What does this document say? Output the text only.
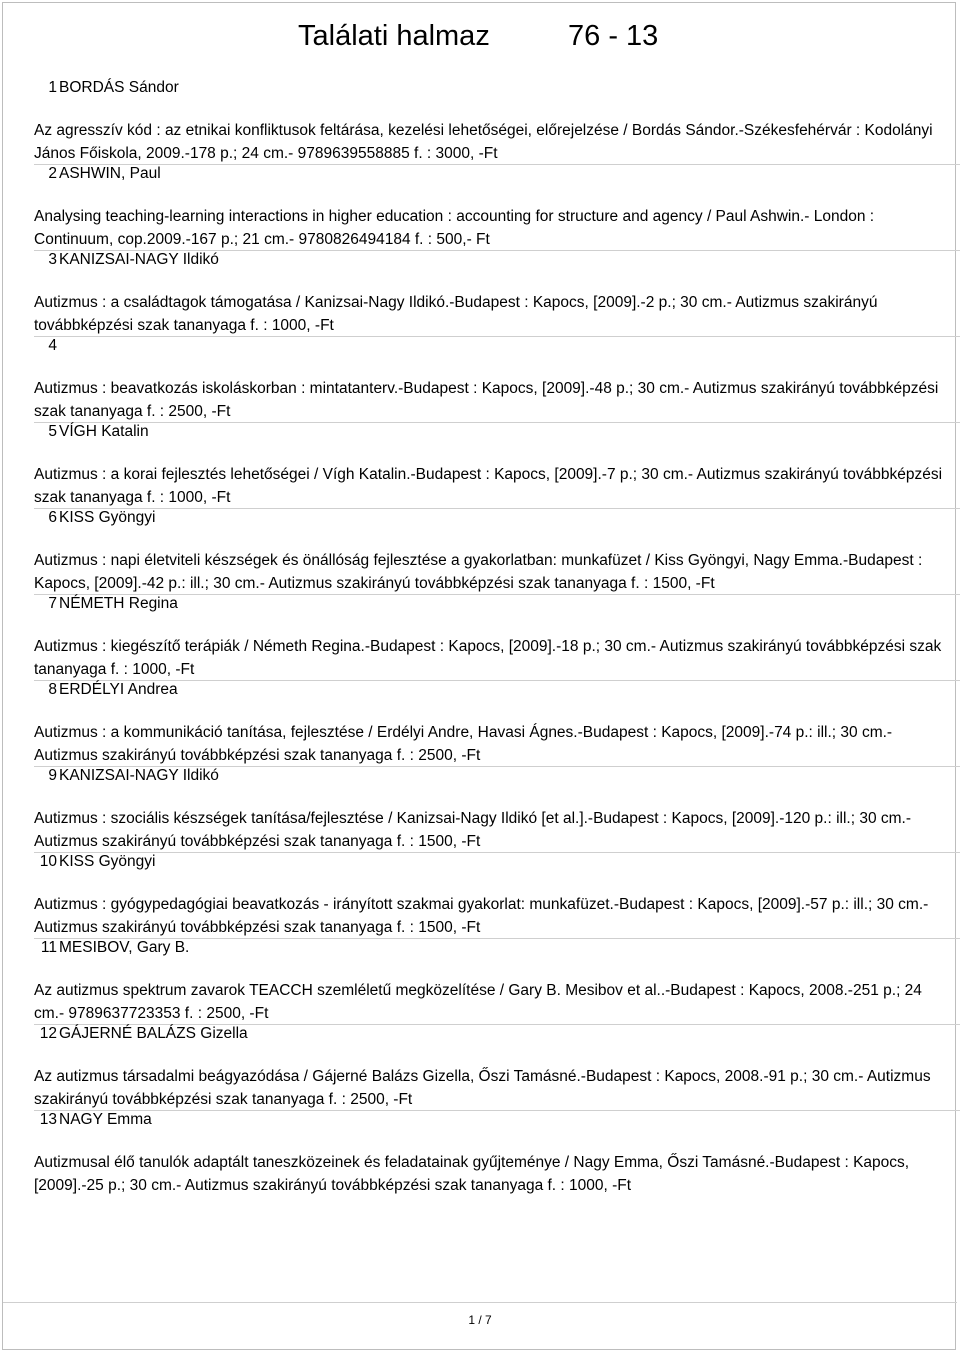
Találati halmaz	76 - 13
1 BORDÁS Sándor
Az agresszív kód : az etnikai konfliktusok feltárása, kezelési lehetőségei, előrejelzése / Bordás Sándor.-Székesfehérvár : Kodolányi János Főiskola, 2009.-178 p.; 24 cm.- 9789639558885 f. : 3000, -Ft
2 ASHWIN, Paul
Analysing teaching-learning interactions in higher education : accounting for structure and agency / Paul Ashwin.- London : Continuum, cop.2009.-167 p.; 21 cm.- 9780826494184 f. : 500,- Ft
3 KANIZSAI-NAGY Ildikó
Autizmus : a családtagok támogatása / Kanizsai-Nagy Ildikó.-Budapest : Kapocs, [2009].-2 p.; 30 cm.- Autizmus szakirányú továbbképzési szak tananyaga f. : 1000, -Ft
4
Autizmus : beavatkozás iskoláskorban : mintatanterv.-Budapest : Kapocs, [2009].-48 p.; 30 cm.- Autizmus szakirányú továbbképzési szak tananyaga f. : 2500, -Ft
5 VÍGH Katalin
Autizmus : a korai fejlesztés lehetőségei / Vígh Katalin.-Budapest : Kapocs, [2009].-7 p.; 30 cm.- Autizmus szakirányú továbbképzési szak tananyaga f. : 1000, -Ft
6 KISS Gyöngyi
Autizmus : napi életviteli készségek és önállóság fejlesztése a gyakorlatban: munkafüzet / Kiss Gyöngyi, Nagy Emma.-Budapest : Kapocs, [2009].-42 p.: ill.; 30 cm.- Autizmus szakirányú továbbképzési szak tananyaga f. : 1500, -Ft
7 NÉMETH Regina
Autizmus : kiegészítő terápiák / Németh Regina.-Budapest : Kapocs, [2009].-18 p.; 30 cm.- Autizmus szakirányú továbbképzési szak tananyaga f. : 1000, -Ft
8 ERDÉLYI Andrea
Autizmus : a kommunikáció tanítása, fejlesztése / Erdélyi Andre, Havasi Ágnes.-Budapest : Kapocs, [2009].-74 p.: ill.; 30 cm.- Autizmus szakirányú továbbképzési szak tananyaga f. : 2500, -Ft
9 KANIZSAI-NAGY Ildikó
Autizmus : szociális készségek tanítása/fejlesztése / Kanizsai-Nagy Ildikó [et al.].-Budapest : Kapocs, [2009].-120 p.: ill.; 30 cm.- Autizmus szakirányú továbbképzési szak tananyaga f. : 1500, -Ft
10 KISS Gyöngyi
Autizmus : gyógypedagógiai beavatkozás - irányított szakmai gyakorlat: munkafüzet.-Budapest : Kapocs, [2009].-57 p.: ill.; 30 cm.- Autizmus szakirányú továbbképzési szak tananyaga f. : 1500, -Ft
11 MESIBOV, Gary B.
Az autizmus spektrum zavarok TEACCH szemléletű megközelítése / Gary B. Mesibov et al..-Budapest : Kapocs, 2008.-251 p.; 24 cm.- 9789637723353 f. : 2500, -Ft
12 GÁJERNÉ BALÁZS Gizella
Az autizmus társadalmi beágyazódása / Gájerné Balázs Gizella, Őszi Tamásné.-Budapest : Kapocs, 2008.-91 p.; 30 cm.- Autizmus szakirányú továbbképzési szak tananyaga f. : 2500, -Ft
13 NAGY Emma
Autizmusal élő tanulók adaptált taneszközeinek és feladatainak gyűjteménye / Nagy Emma, Őszi Tamásné.-Budapest : Kapocs, [2009].-25 p.; 30 cm.- Autizmus szakirányú továbbképzési szak tananyaga f. : 1000, -Ft
1 / 7
